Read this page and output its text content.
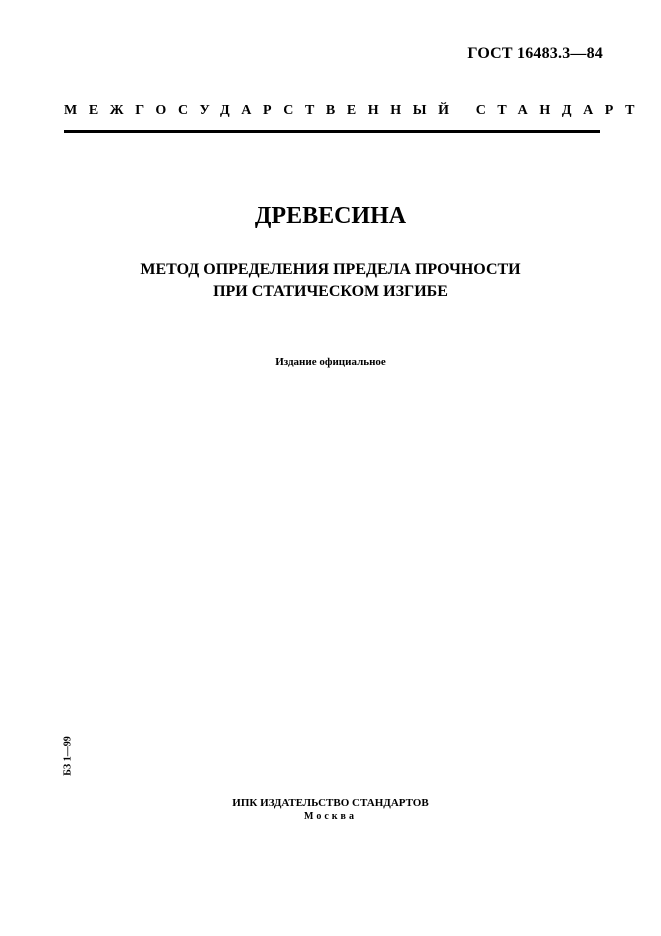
ГОСТ 16483.3—84
МЕЖГОСУДАРСТВЕННЫЙ СТАНДАРТ
ДРЕВЕСИНА
МЕТОД ОПРЕДЕЛЕНИЯ ПРЕДЕЛА ПРОЧНОСТИ
ПРИ СТАТИЧЕСКОМ ИЗГИБЕ
Издание официальное
БЗ 1—99
ИПК ИЗДАТЕЛЬСТВО СТАНДАРТОВ
Москва
